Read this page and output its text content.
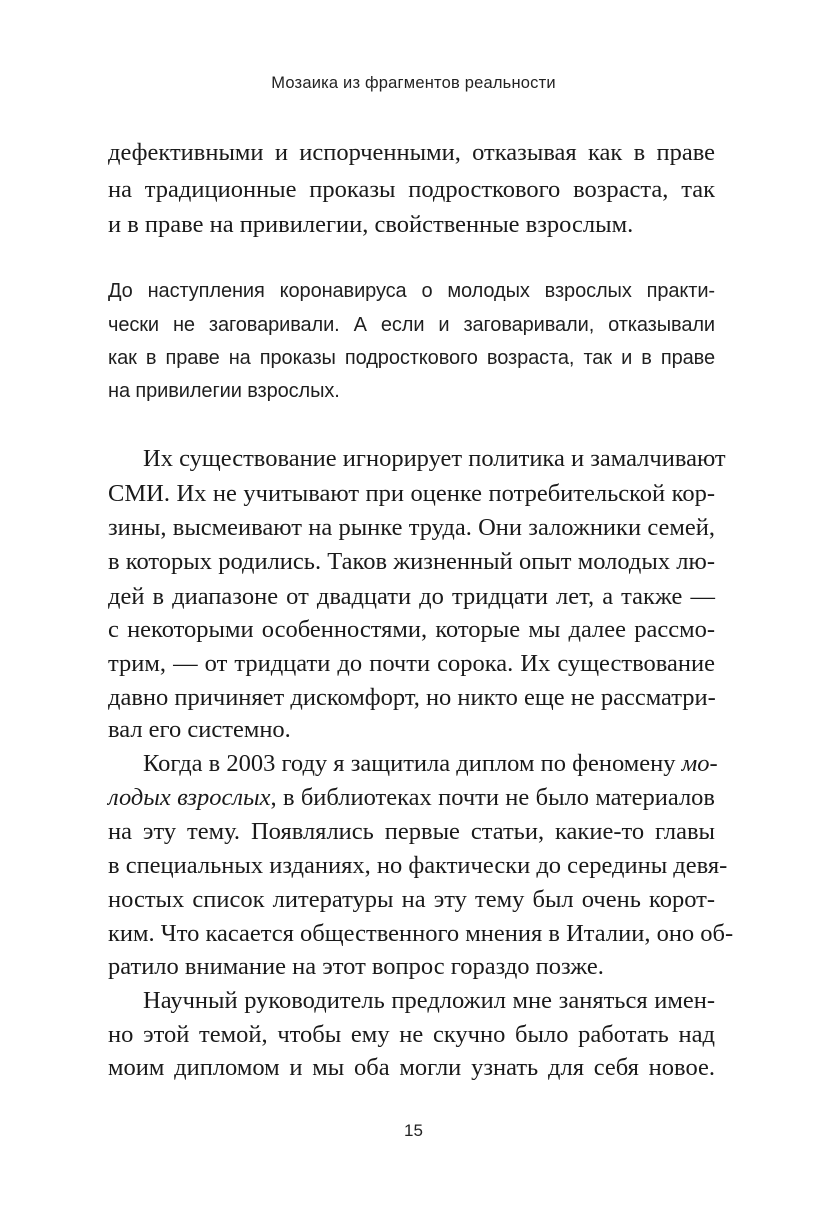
Мозаика из фрагментов реальности
дефективными и испорченными, отказывая как в праве
на традиционные проказы подросткового возраста, так
и в праве на привилегии, свойственные взрослым.
До наступления коронавируса о молодых взрослых практи-
чески не заговаривали. А если и заговаривали, отказывали
как в праве на проказы подросткового возраста, так и в праве
на привилегии взрослых.
Их существование игнорирует политика и замалчивают
СМИ. Их не учитывают при оценке потребительской кор-
зины, высмеивают на рынке труда. Они заложники семей,
в которых родились. Таков жизненный опыт молодых лю-
дей в диапазоне от двадцати до тридцати лет, а также —
с некоторыми особенностями, которые мы далее рассмо-
трим, — от тридцати до почти сорока. Их существование
давно причиняет дискомфорт, но никто еще не рассматри-
вал его системно.
Когда в 2003 году я защитила диплом по феномену мо-
лодых взрослых, в библиотеках почти не было материалов
на эту тему. Появлялись первые статьи, какие-то главы
в специальных изданиях, но фактически до середины девя-
ностых список литературы на эту тему был очень корот-
ким. Что касается общественного мнения в Италии, оно об-
ратило внимание на этот вопрос гораздо позже.
Научный руководитель предложил мне заняться имен-
но этой темой, чтобы ему не скучно было работать над
моим дипломом и мы оба могли узнать для себя новое.
15
